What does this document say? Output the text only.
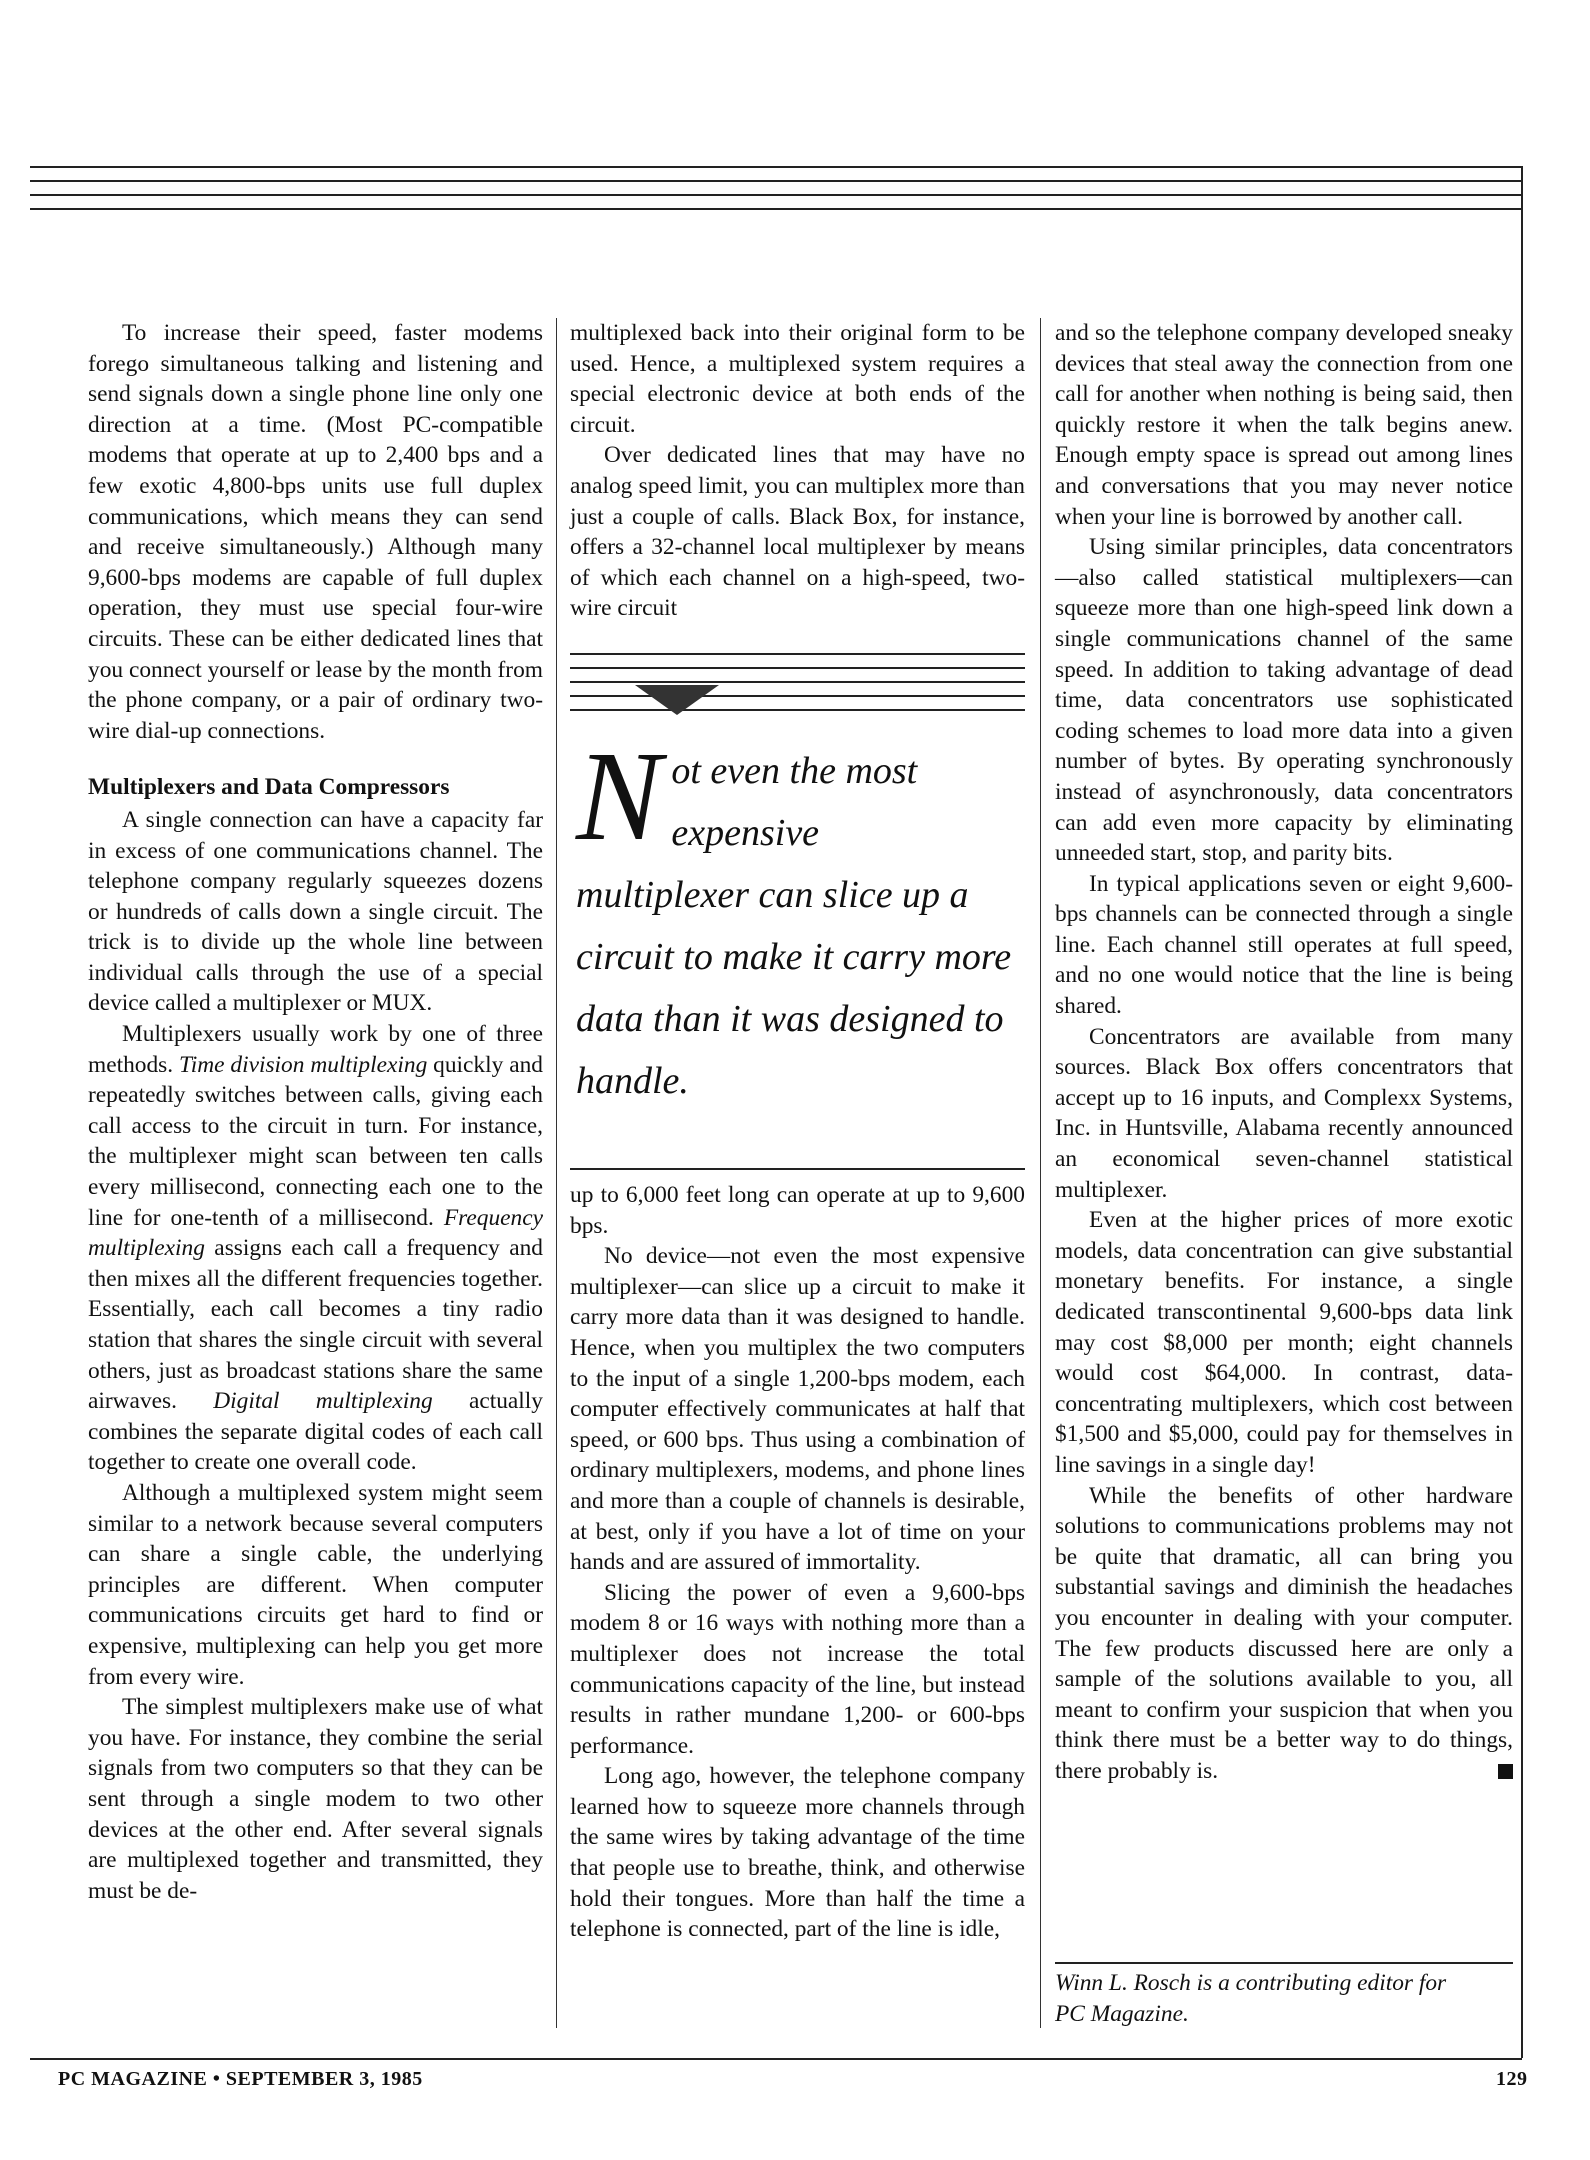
To increase their speed, faster modems forego simultaneous talking and listening and send signals down a single phone line only one direction at a time. (Most PC-compatible modems that operate at up to 2,400 bps and a few exotic 4,800-bps units use full duplex communications, which means they can send and receive simultaneously.) Although many 9,600-bps modems are capable of full duplex operation, they must use special four-wire circuits. These can be either dedicated lines that you connect yourself or lease by the month from the phone company, or a pair of ordinary two-wire dial-up connections.

Multiplexers and Data Compressors

A single connection can have a capacity far in excess of one communications channel. The telephone company regularly squeezes dozens or hundreds of calls down a single circuit. The trick is to divide up the whole line between individual calls through the use of a special device called a multiplexer or MUX.

Multiplexers usually work by one of three methods. Time division multiplexing quickly and repeatedly switches between calls, giving each call access to the circuit in turn. For instance, the multiplexer might scan between ten calls every millisecond, connecting each one to the line for one-tenth of a millisecond. Frequency multiplexing assigns each call a frequency and then mixes all the different frequencies together. Essentially, each call becomes a tiny radio station that shares the single circuit with several others, just as broadcast stations share the same airwaves. Digital multiplexing actually combines the separate digital codes of each call together to create one overall code.

Although a multiplexed system might seem similar to a network because several computers can share a single cable, the underlying principles are different. When computer communications circuits get hard to find or expensive, multiplexing can help you get more from every wire.

The simplest multiplexers make use of what you have. For instance, they combine the serial signals from two computers so that they can be sent through a single modem to two other devices at the other end. After several signals are multiplexed together and transmitted, they must be de-

multiplexed back into their original form to be used. Hence, a multiplexed system requires a special electronic device at both ends of the circuit.

Over dedicated lines that may have no analog speed limit, you can multiplex more than just a couple of calls. Black Box, for instance, offers a 32-channel local multiplexer by means of which each channel on a high-speed, two-wire circuit

N ot even the most
expensive
multiplexer can slice up a circuit to make it carry more data than it was designed to handle.

up to 6,000 feet long can operate at up to 9,600 bps.

No device—not even the most expensive multiplexer—can slice up a circuit to make it carry more data than it was designed to handle. Hence, when you multiplex the two computers to the input of a single 1,200-bps modem, each computer effectively communicates at half that speed, or 600 bps. Thus using a combination of ordinary multiplexers, modems, and phone lines and more than a couple of channels is desirable, at best, only if you have a lot of time on your hands and are assured of immortality.

Slicing the power of even a 9,600-bps modem 8 or 16 ways with nothing more than a multiplexer does not increase the total communications capacity of the line, but instead results in rather mundane 1,200- or 600-bps performance.

Long ago, however, the telephone company learned how to squeeze more channels through the same wires by taking advantage of the time that people use to breathe, think, and otherwise hold their tongues. More than half the time a telephone is connected, part of the line is idle,

and so the telephone company developed sneaky devices that steal away the connection from one call for another when nothing is being said, then quickly restore it when the talk begins anew. Enough empty space is spread out among lines and conversations that you may never notice when your line is borrowed by another call.

Using similar principles, data concentrators—also called statistical multiplexers—can squeeze more than one high-speed link down a single communications channel of the same speed. In addition to taking advantage of dead time, data concentrators use sophisticated coding schemes to load more data into a given number of bytes. By operating synchronously instead of asynchronously, data concentrators can add even more capacity by eliminating unneeded start, stop, and parity bits.

In typical applications seven or eight 9,600-bps channels can be connected through a single line. Each channel still operates at full speed, and no one would notice that the line is being shared.

Concentrators are available from many sources. Black Box offers concentrators that accept up to 16 inputs, and Complexx Systems, Inc. in Huntsville, Alabama recently announced an economical seven-channel statistical multiplexer.

Even at the higher prices of more exotic models, data concentration can give substantial monetary benefits. For instance, a single dedicated transcontinental 9,600-bps data link may cost $8,000 per month; eight channels would cost $64,000. In contrast, data-concentrating multiplexers, which cost between $1,500 and $5,000, could pay for themselves in line savings in a single day!

While the benefits of other hardware solutions to communications problems may not be quite that dramatic, all can bring you substantial savings and diminish the headaches you encounter in dealing with your computer. The few products discussed here are only a sample of the solutions available to you, all meant to confirm your suspicion that when you think there must be a better way to do things, there probably is.

Winn L. Rosch is a contributing editor for
PC Magazine.
PC MAGAZINE • SEPTEMBER 3, 1985	129
